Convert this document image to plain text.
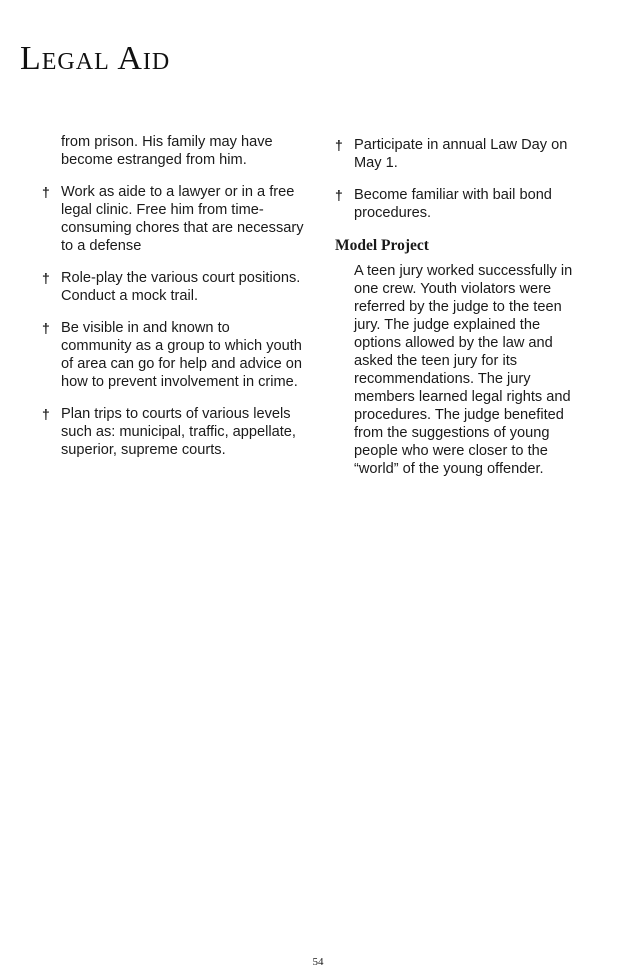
Legal Aid

from prison. His family may have become estranged from him.

† Work as aide to a lawyer or in a free legal clinic. Free him from time-consuming chores that are necessary to a defense
† Role-play the various court positions. Conduct a mock trail.
† Be visible in and known to community as a group to which youth of area can go for help and advice on how to prevent involvement in crime.
† Plan trips to courts of various levels such as: municipal, traffic, appellate, superior, supreme courts.
† Participate in annual Law Day on May 1.
† Become familiar with bail bond procedures.
Model Project

A teen jury worked successfully in one crew. Youth violators were referred by the judge to the teen jury. The judge explained the options allowed by the law and asked the teen jury for its recommendations. The jury members learned legal rights and procedures. The judge benefited from the suggestions of young people who were closer to the “world” of the young offender.

54
